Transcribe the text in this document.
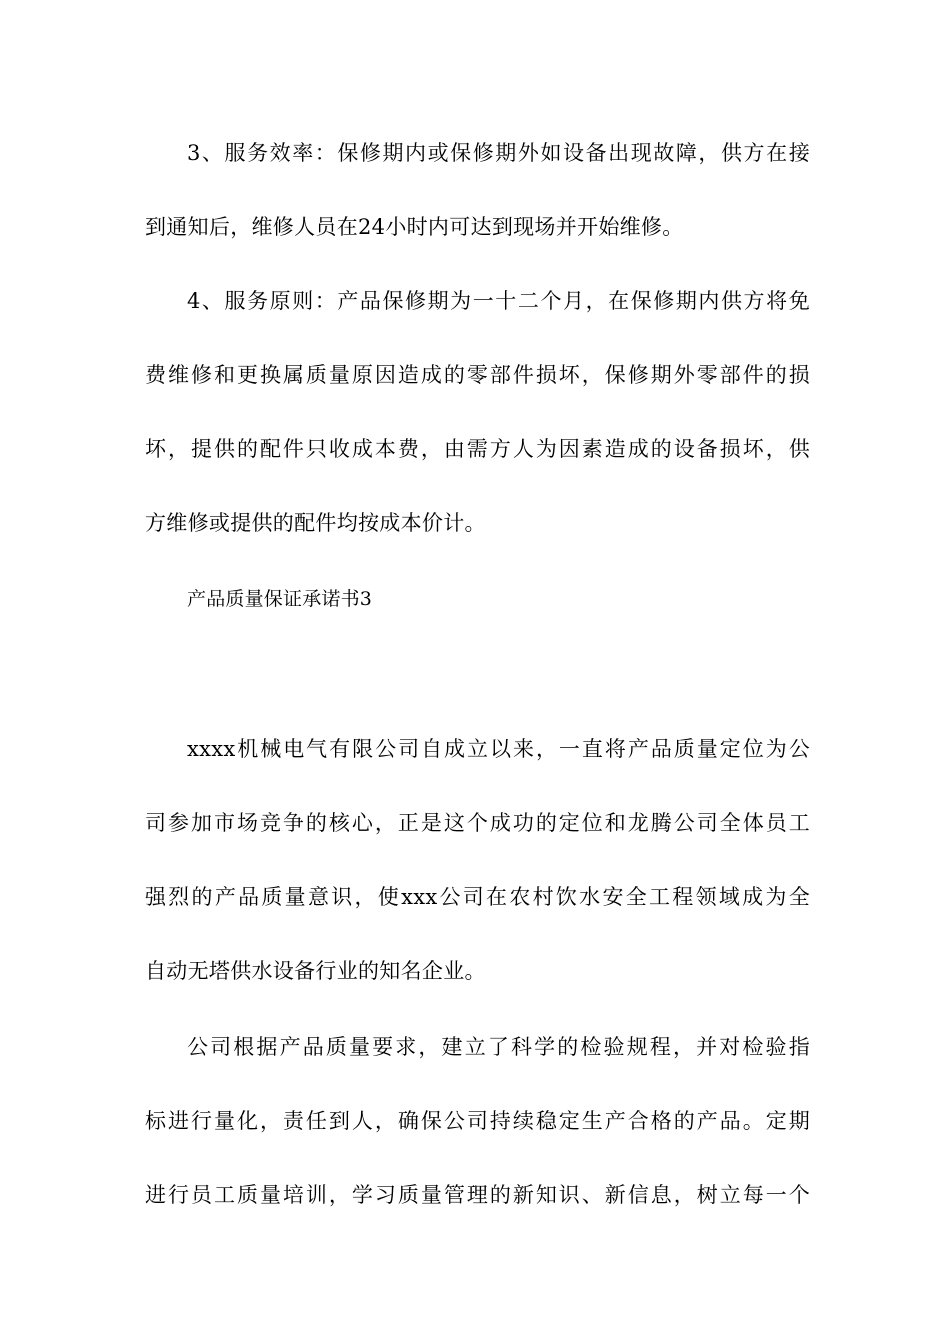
3、服务效率：保修期内或保修期外如设备出现故障，供方在接
到通知后，维修人员在24小时内可达到现场并开始维修。
4、服务原则：产品保修期为一十二个月，在保修期内供方将免
费维修和更换属质量原因造成的零部件损坏，保修期外零部件的损
坏，提供的配件只收成本费，由需方人为因素造成的设备损坏，供
方维修或提供的配件均按成本价计。
产品质量保证承诺书3
xxxx机械电气有限公司自成立以来，一直将产品质量定位为公
司参加市场竞争的核心，正是这个成功的定位和龙腾公司全体员工
强烈的产品质量意识，使xxx公司在农村饮水安全工程领域成为全
自动无塔供水设备行业的知名企业。
公司根据产品质量要求，建立了科学的检验规程，并对检验指
标进行量化，责任到人，确保公司持续稳定生产合格的产品。定期
进行员工质量培训，学习质量管理的新知识、新信息，树立每一个
